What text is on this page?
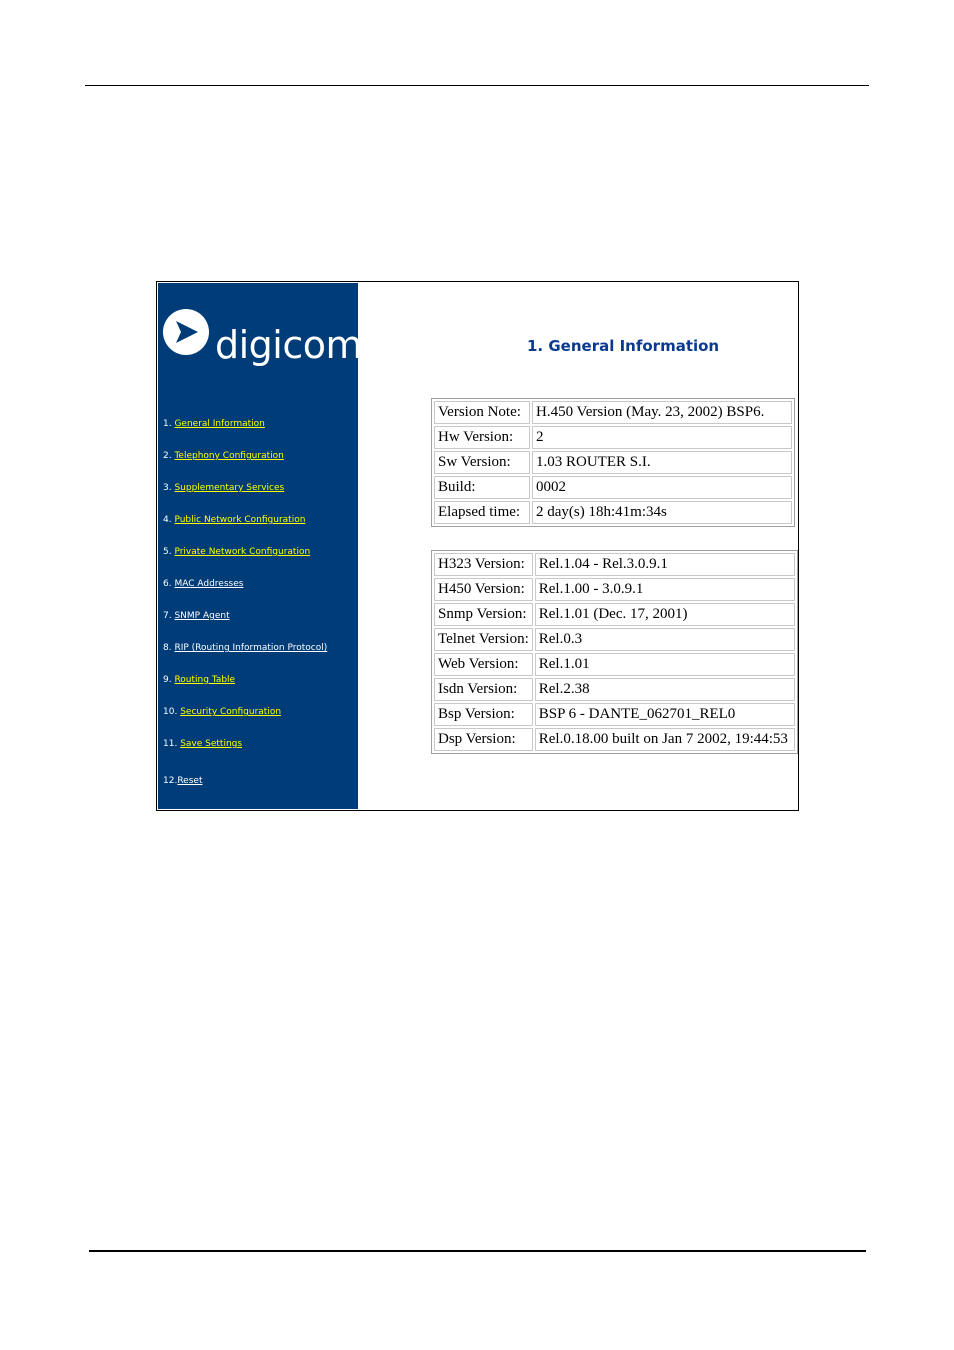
digicom
1. General Information
2. Telephony Configuration
3. Supplementary Services
4. Public Network Configuration
5. Private Network Configuration
6. MAC Addresses
7. SNMP Agent
8. RIP (Routing Information Protocol)
9. Routing Table
10. Security Configuration
11. Save Settings
12.Reset
1. General Information
Version Note:	H.450 Version (May. 23, 2002) BSP6.
Hw Version:	2
Sw Version:	1.03 ROUTER S.I.
Build:	0002
Elapsed time:	2 day(s) 18h:41m:34s
H323 Version:	Rel.1.04 - Rel.3.0.9.1
H450 Version:	Rel.1.00 - 3.0.9.1
Snmp Version:	Rel.1.01 (Dec. 17, 2001)
Telnet Version:	Rel.0.3
Web Version:	Rel.1.01
Isdn Version:	Rel.2.38
Bsp Version:	BSP 6 - DANTE_062701_REL0
Dsp Version:	Rel.0.18.00 built on Jan 7 2002, 19:44:53
